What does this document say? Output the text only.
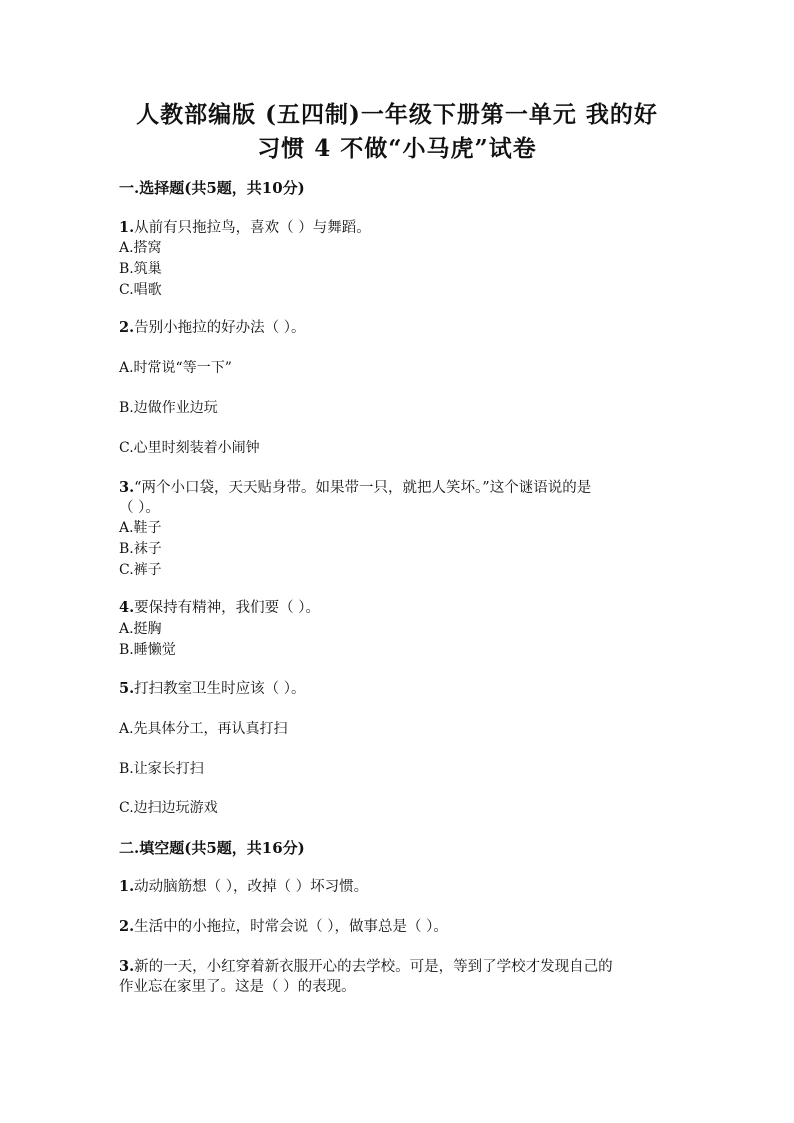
人教部编版 (五四制)一年级下册第一单元 我的好
习惯 4 不做“小马虎”试卷
一.选择题(共5题，共10分)
1.从前有只拖拉鸟，喜欢（ ）与舞蹈。
A.搭窝
B.筑巢
C.唱歌
2.告别小拖拉的好办法（ ）。
A.时常说“等一下”
B.边做作业边玩
C.心里时刻装着小闹钟
3.“两个小口袋，天天贴身带。如果带一只，就把人笑坏。”这个谜语说的是
（ ）。
A.鞋子
B.袜子
C.裤子
4.要保持有精神，我们要（ ）。
A.挺胸
B.睡懒觉
5.打扫教室卫生时应该（ ）。
A.先具体分工，再认真打扫
B.让家长打扫
C.边扫边玩游戏
二.填空题(共5题，共16分)
1.动动脑筋想（ ），改掉（ ）坏习惯。
2.生活中的小拖拉，时常会说（ ），做事总是（ ）。
3.新的一天，小红穿着新衣服开心的去学校。可是，等到了学校才发现自己的
作业忘在家里了。这是（ ）的表现。
